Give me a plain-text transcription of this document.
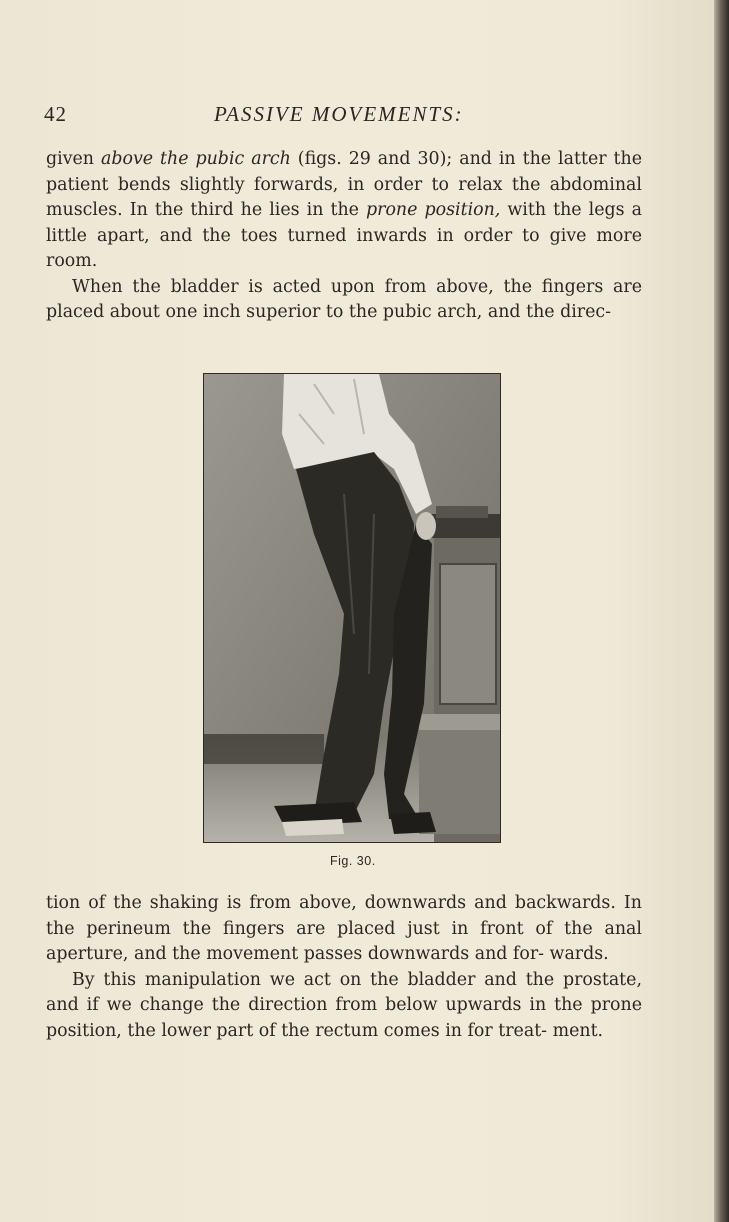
42	PASSIVE MOVEMENTS:

given above the pubic arch (figs. 29 and 30); and in the latter the patient bends slightly forwards, in order to relax the abdominal muscles. In the third he lies in the prone position, with the legs a little apart, and the toes turned inwards in order to give more room.

When the bladder is acted upon from above, the fingers are placed about one inch superior to the pubic arch, and the direc-

Fig. 30.

tion of the shaking is from above, downwards and backwards. In the perineum the fingers are placed just in front of the anal aperture, and the movement passes downwards and for- wards.

By this manipulation we act on the bladder and the prostate, and if we change the direction from below upwards in the prone position, the lower part of the rectum comes in for treat- ment.
